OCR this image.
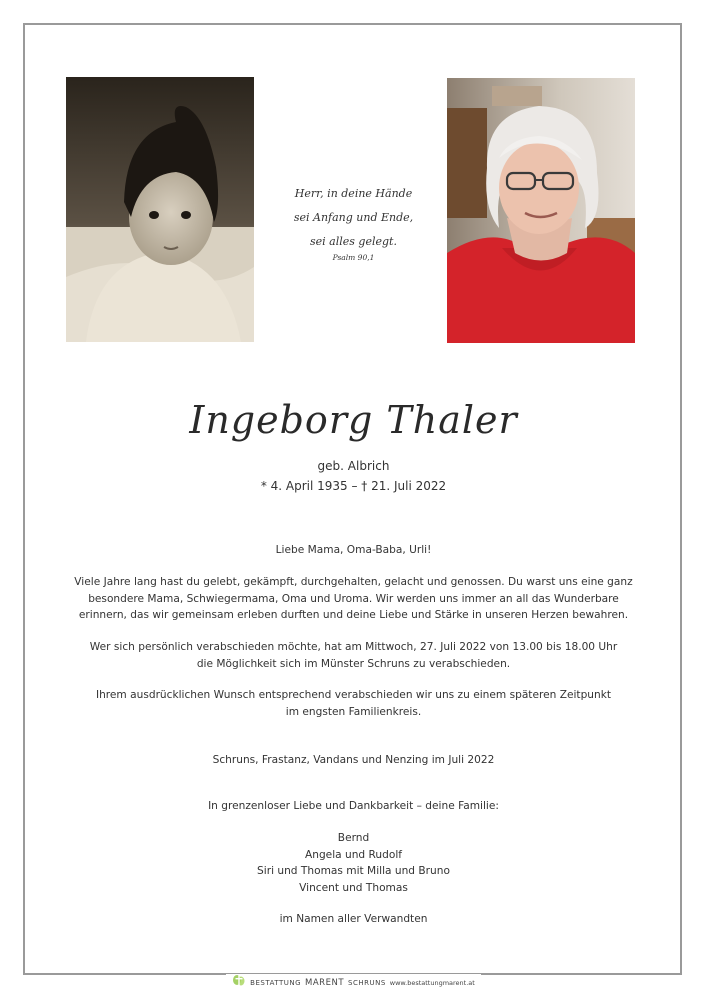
Herr, in deine Hände
sei Anfang und Ende,
sei alles gelegt.
Psalm 90,1
Ingeborg Thaler
geb. Albrich
* 4. April 1935 – † 21. Juli 2022

Liebe Mama, Oma-Baba, Urli!

Viele Jahre lang hast du gelebt, gekämpft, durchgehalten, gelacht und genossen. Du warst uns eine ganz

besondere Mama, Schwiegermama, Oma und Uroma. Wir werden uns immer an all das Wunderbare

erinnern, das wir gemeinsam erleben durften und deine Liebe und Stärke in unseren Herzen bewahren.

Wer sich persönlich verabschieden möchte, hat am Mittwoch, 27. Juli 2022 von 13.00 bis 18.00 Uhr

die Möglichkeit sich im Münster Schruns zu verabschieden.

Ihrem ausdrücklichen Wunsch entsprechend verabschieden wir uns zu einem späteren Zeitpunkt

im engsten Familienkreis.

Schruns, Frastanz, Vandans und Nenzing im Juli 2022

In grenzenloser Liebe und Dankbarkeit – deine Familie:

Bernd

Angela und Rudolf

Siri und Thomas mit Milla und Bruno

Vincent und Thomas

im Namen aller Verwandten

BESTATTUNG MARENT SCHRUNS www.bestattungmarent.at
